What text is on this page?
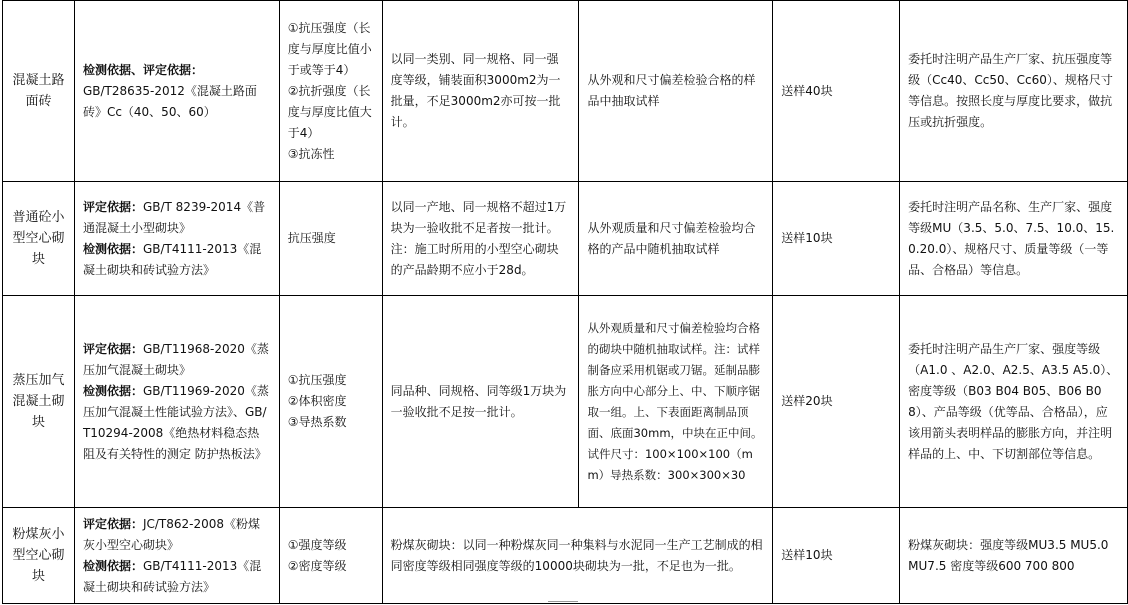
混凝土路面砖	检测依据、评定依据：
GB/T28635-2012《混凝土路面砖》Cc（40、50、60）	①抗压强度（长度与厚度比值小于或等于4）
②抗折强度（长度与厚度比值大于4）
③抗冻性	以同一类别、同一规格、同一强度等级，铺装面积3000m2为一批量，不足3000m2亦可按一批计。	从外观和尺寸偏差检验合格的样品中抽取试样	送样40块	委托时注明产品生产厂家、抗压强度等级（Cc40、Cc50、Cc60）、规格尺寸等信息。按照长度与厚度比要求，做抗压或抗折强度。
普通砼小型空心砌块	评定依据：GB/T 8239-2014《普通混凝土小型砌块》
检测依据：GB/T4111-2013《混凝土砌块和砖试验方法》	抗压强度	以同一产地、同一规格不超过1万块为一验收批不足者按一批计。注：施工时所用的小型空心砌块的产品龄期不应小于28d。	从外观质量和尺寸偏差检验均合格的产品中随机抽取试样	送样10块	委托时注明产品名称、生产厂家、强度等级MU（3.5、5.0、7.5、10.0、15.0.20.0）、规格尺寸、质量等级（一等品、合格品）等信息。
蒸压加气混凝土砌块	评定依据：GB/T11968-2020《蒸压加气混凝土砌块》
检测依据：GB/T11969-2020《蒸压加气混凝土性能试验方法》、GB/T10294-2008《绝热材料稳态热阻及有关特性的测定 防护热板法》	①抗压强度
②体积密度
③导热系数	同品种、同规格、同等级1万块为一验收批不足按一批计。	从外观质量和尺寸偏差检验均合格的砌块中随机抽取试样。注：试样制备应采用机锯或刀锯。延制品膨胀方向中心部分上、中、下顺序锯取一组。上、下表面距离制品顶面、底面30mm，中块在正中间。
试件尺寸：100×100×100（mm）导热系数：300×300×30	送样20块	委托时注明产品生产厂家、强度等级（A1.0 、A2.0、A2.5、A3.5 A5.0）、密度等级（B03 B04 B05、B06 B08）、产品等级（优等品、合格品），应该用箭头表明样品的膨胀方向，并注明样品的上、中、下切割部位等信息。
粉煤灰小型空心砌块	评定依据：JC/T862-2008《粉煤灰小型空心砌块》
检测依据：GB/T4111-2013《混凝土砌块和砖试验方法》	①强度等级
②密度等级	粉煤灰砌块：以同一种粉煤灰同一种集料与水泥同一生产工艺制成的相同密度等级相同强度等级的10000块砌块为一批，不足也为一批。		送样10块	粉煤灰砌块：强度等级MU3.5 MU5.0 MU7.5 密度等级600 700 800
